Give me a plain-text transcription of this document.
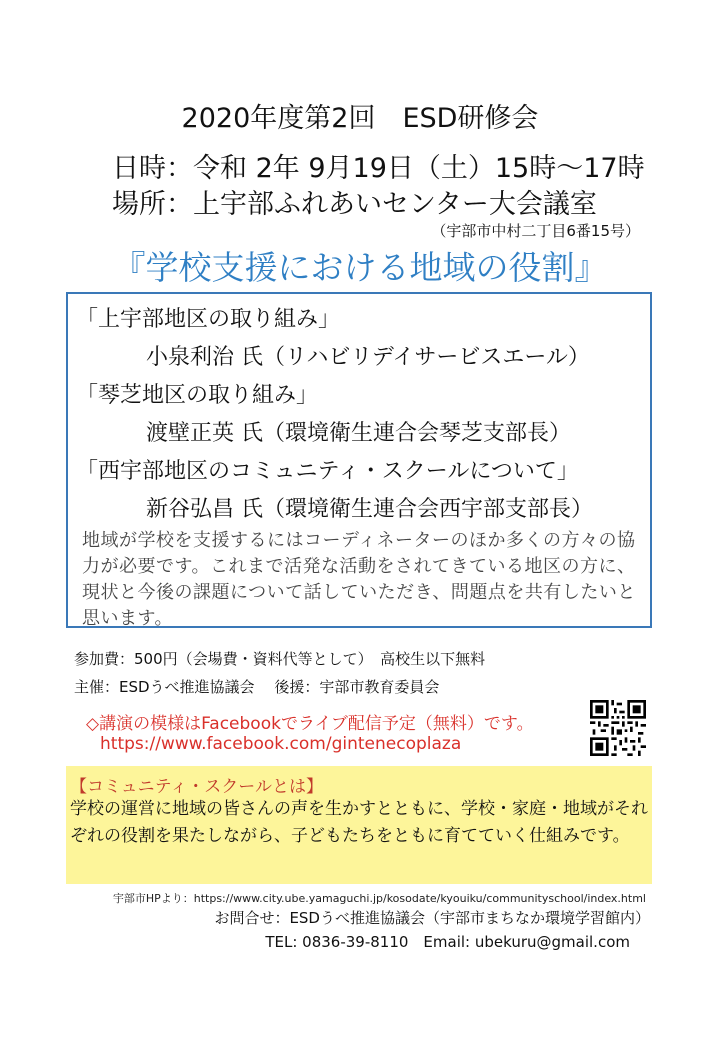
2020年度第2回　ESD研修会
日時：令和 2年 9月19日（土）15時～17時
場所：上宇部ふれあいセンター大会議室
（宇部市中村二丁目6番15号）
『学校支援における地域の役割』
「上宇部地区の取り組み」
小泉利治 氏（リハビリデイサービスエール）
「琴芝地区の取り組み」
渡壁正英 氏（環境衛生連合会琴芝支部長）
「西宇部地区のコミュニティ・スクールについて」
新谷弘昌 氏（環境衛生連合会西宇部支部長）
地域が学校を支援するにはコーディネーターのほか多くの方々の協力が必要です。これまで活発な活動をされてきている地区の方に、現状と今後の課題について話していただき、問題点を共有したいと思います。
参加費：500円（会場費・資料代等として）　高校生以下無料
主催：ESDうべ推進協議会　 後援：宇部市教育委員会
◇講演の模様はFacebookでライブ配信予定（無料）です。
https://www.facebook.com/gintenecoplaza
【コミュニティ・スクールとは】
学校の運営に地域の皆さんの声を生かすとともに、学校・家庭・地域がそれぞれの役割を果たしながら、子どもたちをともに育てていく仕組みです。
宇部市HPより：https://www.city.ube.yamaguchi.jp/kosodate/kyouiku/communityschool/index.html
お問合せ：ESDうべ推進協議会（宇部市まちなか環境学習館内）
TEL: 0836-39-8110　Email: ubekuru@gmail.com
